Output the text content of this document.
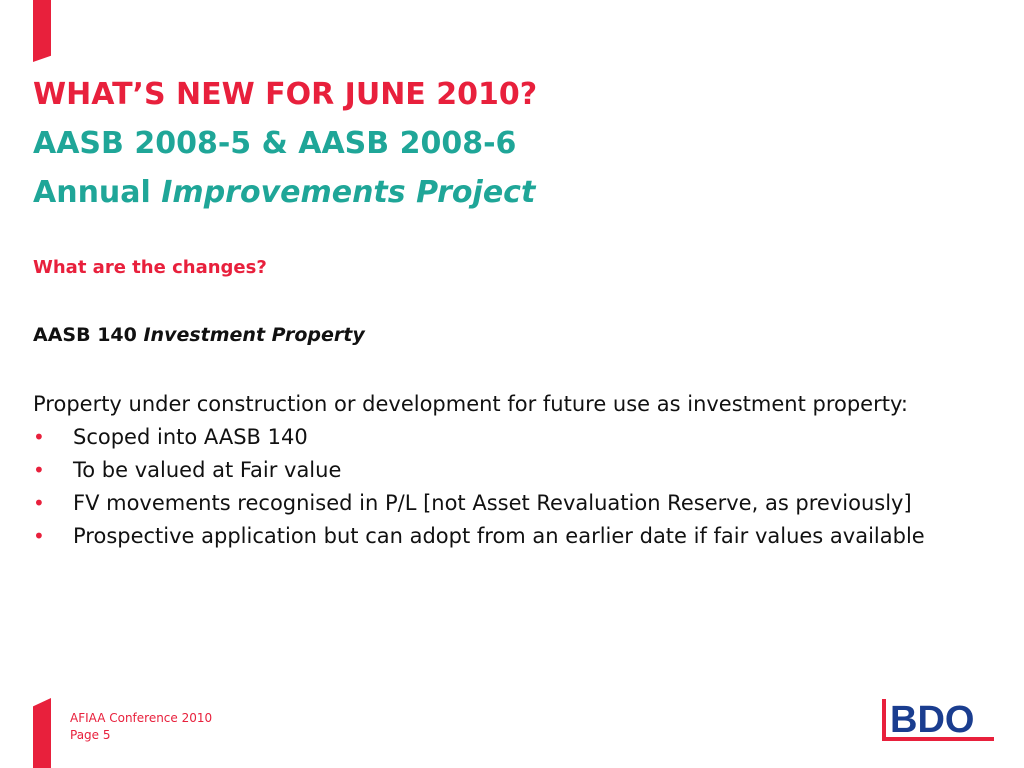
WHAT’S NEW FOR JUNE 2010?

AASB 2008-5 & AASB 2008-6

Annual Improvements Project

What are the changes?

AASB 140 Investment Property

Property under construction or development for future use as investment property:

• Scoped into AASB 140
• To be valued at Fair value
• FV movements recognised in P/L [not Asset Revaluation Reserve, as previously]
• Prospective application but can adopt from an earlier date if fair values available
AFIAA Conference 2010
Page 5	BDO
